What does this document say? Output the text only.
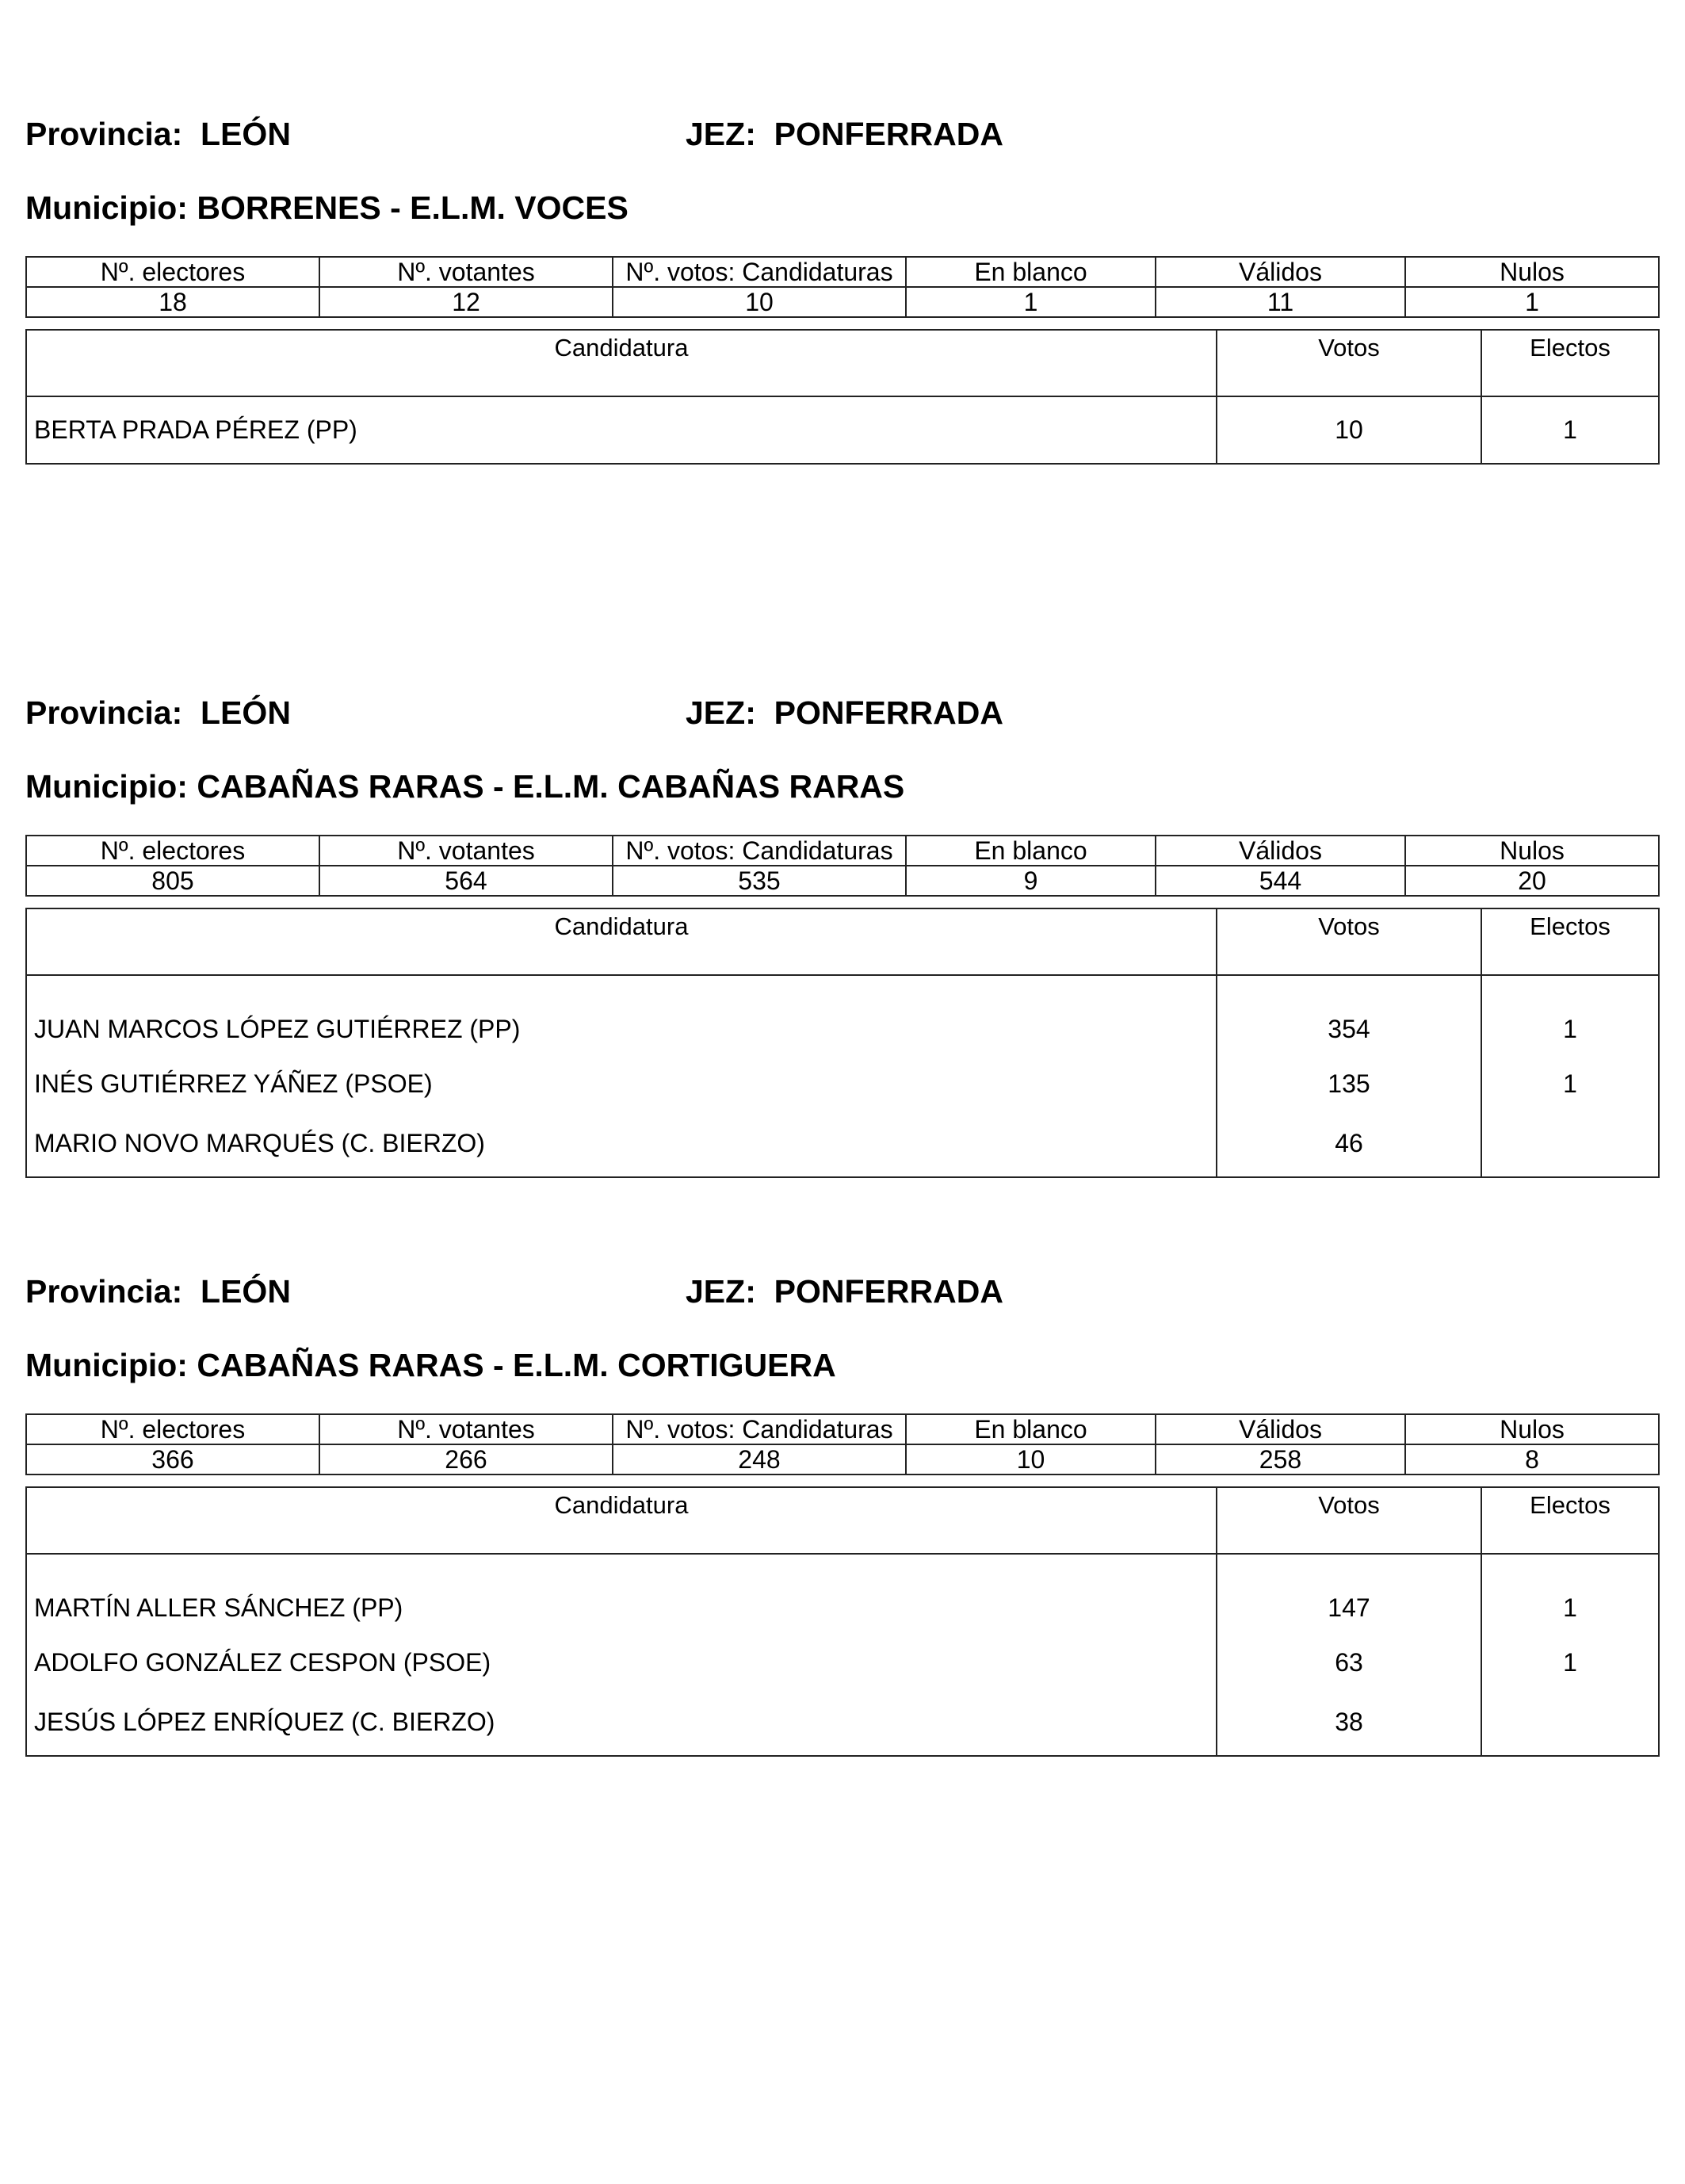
Provincia: LEÓN	JEZ: PONFERRADA
Municipio: BORRENES - E.L.M. VOCES
Nº. electores	Nº. votantes	Nº. votos: Candidaturas	En blanco	Válidos	Nulos
18	12	10	1	11	1
Candidatura	Votos	Electos
BERTA PRADA PÉREZ (PP)	10	1
Provincia: LEÓN	JEZ: PONFERRADA
Municipio: CABAÑAS RARAS - E.L.M. CABAÑAS RARAS
Nº. electores	Nº. votantes	Nº. votos: Candidaturas	En blanco	Válidos	Nulos
805	564	535	9	544	20
Candidatura	Votos	Electos
JUAN MARCOS LÓPEZ GUTIÉRREZ (PP)	354	1
INÉS GUTIÉRREZ YÁÑEZ (PSOE)	135	1
MARIO NOVO MARQUÉS (C. BIERZO)	46	
Provincia: LEÓN	JEZ: PONFERRADA
Municipio: CABAÑAS RARAS - E.L.M. CORTIGUERA
Nº. electores	Nº. votantes	Nº. votos: Candidaturas	En blanco	Válidos	Nulos
366	266	248	10	258	8
Candidatura	Votos	Electos
MARTÍN ALLER SÁNCHEZ (PP)	147	1
ADOLFO GONZÁLEZ CESPON (PSOE)	63	1
JESÚS LÓPEZ ENRÍQUEZ (C. BIERZO)	38	
